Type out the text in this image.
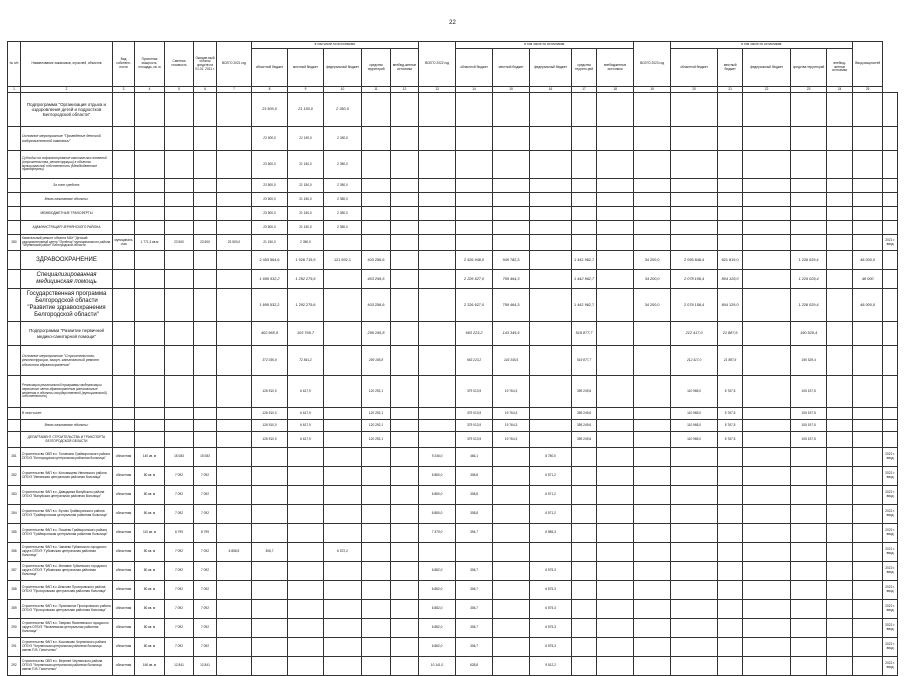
22
№ п/п	Наименование заказчиков, отраслей, объектов	Вид собствен-ности	Проектная мощность, площадь, кв. м	Сметная стоимость	Ожидае-мый остаток средств на 01.01. 2021 г.	ВСЕГО 2021 год	в том числе по источникам:					ВСЕГО 2022 год	в том числе по источникам:					ВСЕГО 2023 год	в том числе по источникам:					Ввод мощностей	
							областной бюджет	местный бюджет	федеральный бюджет	средства территорий	внебюд-жетные источники		областной бюджет	местный бюджет	федеральный бюджет	средства террито-рий	внебюджетные источники		областной бюджет	местный бюджет	федеральный бюджет	средства территорий	внебюд-жетные источники		
1	2	3	4	5	6	7	8	9	10	11	12	13	14	15	16	17	18	19	20	21	22	23	24	25	
	Подпрограмма "Организация отдыха и оздоровления детей и подростков Белгородской области"						23 500,0	21 150,0	2 350,0																
	Основное мероприятие "Проведение детской оздоровительной кампании"						23 500,0	21 150,0	2 350,0																
	Субсидии на софинансирование капитальных вложений (строительства, реконструкции) в объекты муниципальной собственности (Межбюджетные трансферты)						23 500,0	21 150,0	2 350,0																
	За счет средств:						23 500,0	21 150,0	2 350,0																
	Вновь начинаемые объекты:						23 500,0	21 150,0	2 350,0																
	МЕЖБЮДЖЕТНЫЕ ТРАНСФЕРТЫ						23 500,0	21 150,0	2 350,0																
	АДМИНИСТРАЦИЯ ЧЕРНЯНСКОГО РАЙОНА						23 500,0	21 150,0	2 350,0																
280	Капитальный ремонт объекта МАУ "Детский оздоровительный центр "Орлёнок" муниципального района "Чернянский район" Белгородской области	муниципаль-ная	1 771,3 кв.м	23 500	23 500	23 500,0	21 150,0	2 350,0																	2021 г. ввод
	ЗДРАВООХРАНЕНИЕ						2 453 564,6	1 928 715,9	121 592,1	403 256,6			2 426 948,0	949 782,3		1 442 962,7		34 200,0	2 095 848,4	821 819,0		1 226 029,4		48 000,0	
	Специализированная медицинская помощь						1 695 532,2	1 292 275,6		403 256,6			2 226 627,0	759 464,3		1 442 962,7		34 200,0	2 078 158,4	804 129,0		1 226 029,4		48 000	
	Государственная программа Белгородской области "Развитие здравоохранения Белгородской области"						1 695 532,2	1 292 275,6		403 256,6			2 226 627,0	759 464,3		1 442 962,7		34 200,0	2 078 158,4	804 129,0		1 226 029,4		48 000,0	
	Подпрограмма "Развитие первичной медико-санитарной помощи"						402 965,5	103 769,7		299 195,8			663 223,2	143 345,5		519 877,7			212 417,0	21 887,6		190 529,4			
	Основное мероприятие "Строительство, реконструкция, выкуп, капитальный ремонт объектов здравоохранения"						372 036,9	72 841,2		299 195,8			663 223,2	143 345,5		519 877,7			212 417,0	21 887,6		190 529,4			
	Реализация региональной программы модернизации первичного звена здравоохранения (капитальные вложения в объекты государственной (муниципальной) собственности)						126 910,0	6 617,9		120 292,1			379 013,9	19 764,3		359 249,6			110 965,0	5 767,5		105 197,5			
	В том числе:						126 910,0	6 617,9		120 292,1			379 013,9	19 764,3		359 249,6			110 965,0	5 767,5		105 197,5			
	Вновь начинаемые объекты:						126 910,0	6 617,9		120 292,1			379 013,9	19 764,3		359 249,6			110 965,0	5 767,5		105 197,5			
	ДЕПАРТАМЕНТ СТРОИТЕЛЬСТВА И ТРАНСПОРТА БЕЛГОРОДСКОЙ ОБЛАСТИ						126 910,0	6 617,9		120 292,1			379 013,9	19 764,3		359 249,6			110 965,0	5 767,5		105 197,5			
281	Строительство ОВП в с. Головчино Грайворонского района ОГБУЗ "Белгородская центральная районная больница"	областная	140 кв. м	15 083	15 083							9 246,0	466,1		8 780,0										2022 г. ввод
282	Строительство ФАП в с. Коломыцево Ивнянского района ОГБУЗ "Ивнянская центральная районная больница"	областная	80 кв. м	7 092	7 092							6 880,0	308,8		6 571,2										2022 г. ввод
283	Строительство ФАП в с. Давыдовка Валуйского района ОГБУЗ "Валуйская центральная районная больница"	областная	80 кв. м	7 092	7 092							6 880,0	308,8		6 571,2										2022 г. ввод
284	Строительство ФАП в с. Бутово Грайворонского района ОГБУЗ "Грайворонская центральная районная больница"	областная	80 кв. м	7 092	7 092							6 880,0	308,8		6 571,2										2022 г. ввод
285	Строительство ФАП в с. Почаево Грайворонского района ОГБУЗ "Грайворонская центральная районная больница"	областная	110 кв. м	8 799	8 799							7 379,0	394,7		6 985,3										2022 г. ввод
286	Строительство ФАП в с. Чапаево Губкинского городского округа ОГБУЗ "Губкинская центральная районная больница"	областная	80 кв. м	7 092	7 092	6 858,5	306,7		6 572,2																2021 г. ввод
287	Строительство ФАП в с. Мелавое Губкинского городского округа ОГБУЗ "Губкинская центральная районная больница"	областная	80 кв. м	7 092	7 092							6 882,0	306,7		6 575,3										2022 г. ввод
288	Строительство ФАП в с.Шляхово Прохоровского района ОГБУЗ "Прохоровская центральная районная больница"	областная	80 кв. м	7 092	7 092							6 882,0	306,7		6 575,3										2022 г. ввод
289	Строительство ФАП в с. Призначное Прохоровского района ОГБУЗ "Прохоровская центральная районная больница"	областная	80 кв. м	7 092	7 092							6 882,0	306,7		6 575,3										2022 г. ввод
290	Строительство ФАП в с. Таврово Яковлевского городского округа ОГБУЗ "Яковлевская центральная районная больница"	областная	80 кв. м	7 092	7 092							6 882,0	306,7		6 575,3										2022 г. ввод
291	Строительство ФАП в с. Кошлаково Чернянского района ОГБУЗ "Чернянская центральная районная больница имени П.В. Гапотченко"	областная	80 кв. м	7 092	7 092							6 882,0	306,7		6 575,3										2022 г. ввод
292	Строительство ОВП в с. Верхнее Чернянского района ОГБУЗ "Чернянская центральная районная больница имени П.В. Гапотченко"	областная	160 кв. м	12 841	12 841							10 141,0	628,8		9 512,2										2022 г. ввод
